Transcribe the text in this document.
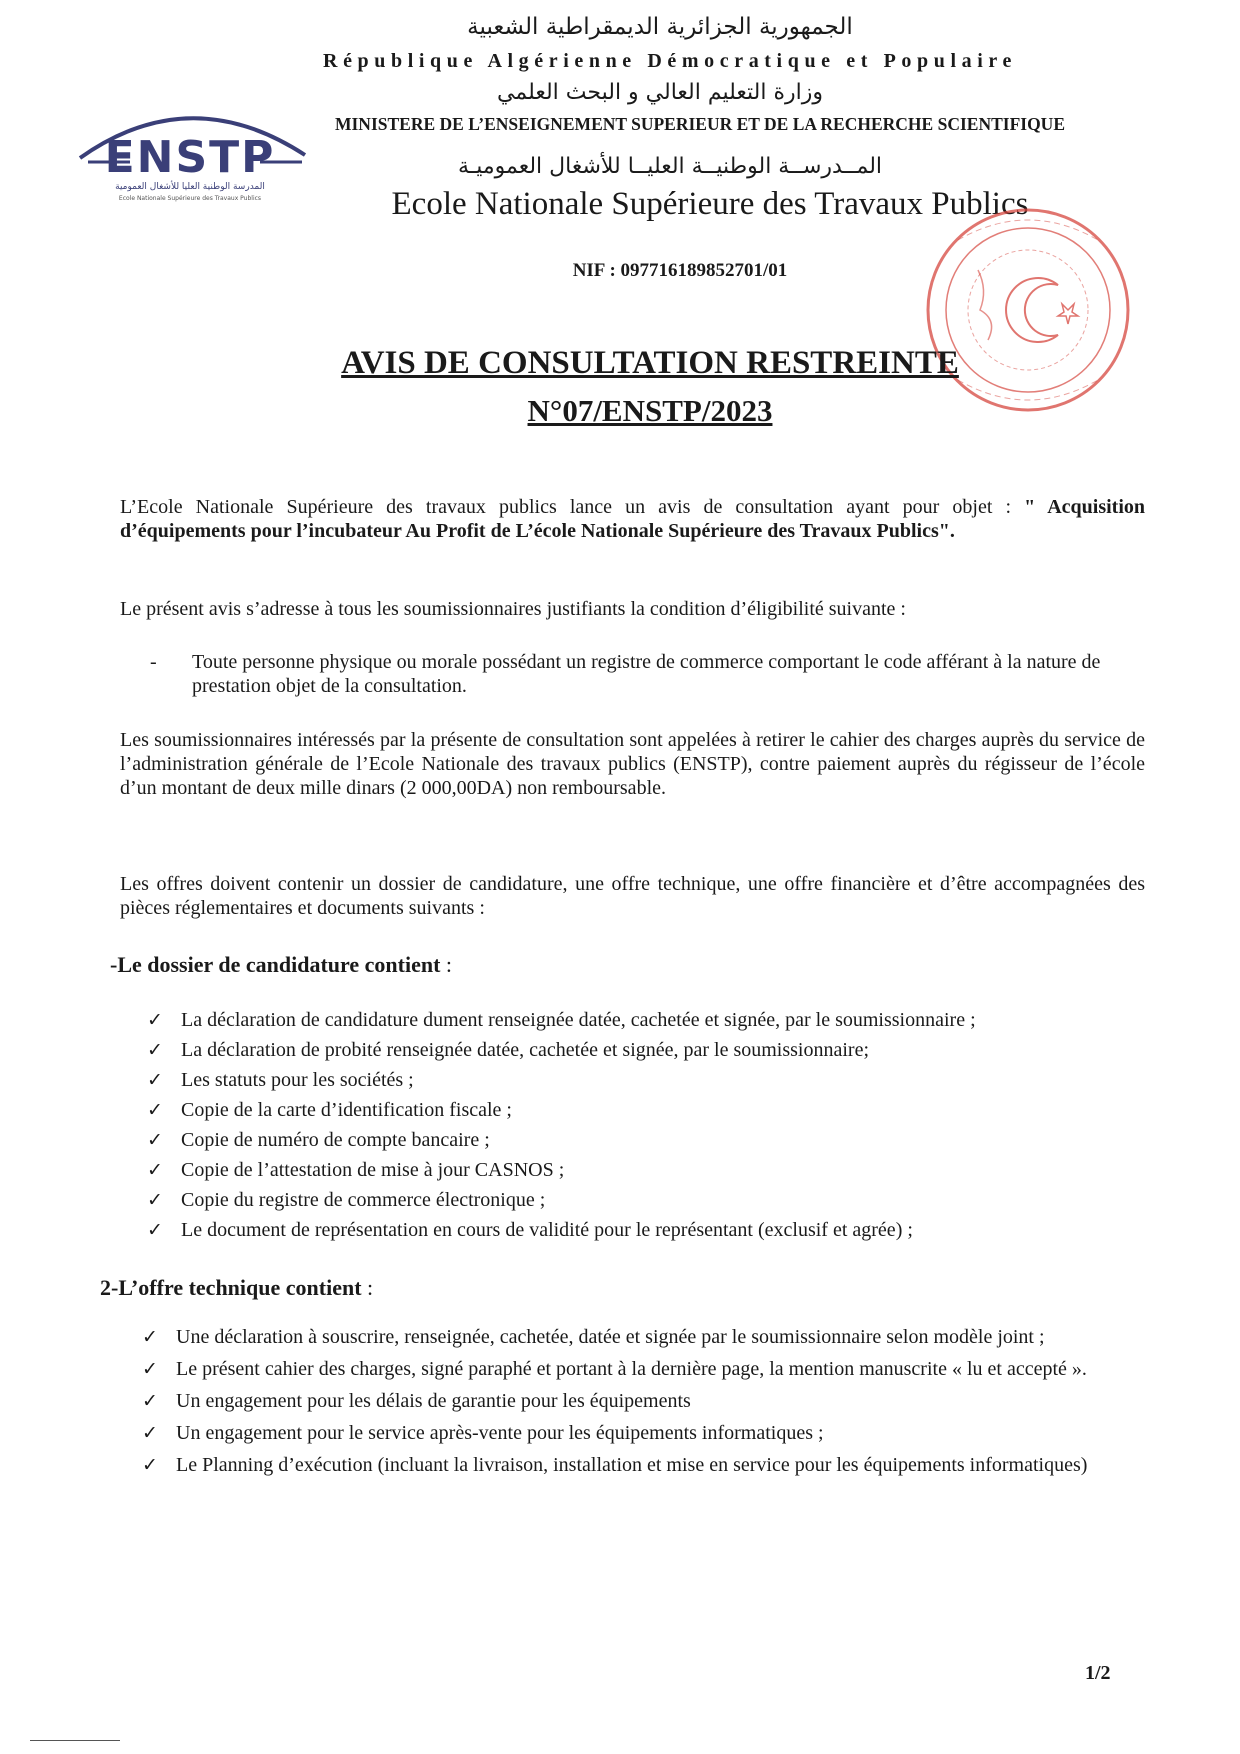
الجمهورية الجزائرية الديمقراطية الشعبية
République Algérienne Démocratique et Populaire
وزارة التعليم العالي و البحث العلمي
MINISTERE DE L’ENSEIGNEMENT SUPERIEUR ET DE LA RECHERCHE SCIENTIFIQUE
المــدرســة الوطنيــة العليــا للأشغال العموميـة
Ecole Nationale Supérieure des Travaux Publics
NIF : 097716189852701/01
ENSTP
المدرسة الوطنية العليا للأشغال العمومية
Ecole Nationale Supérieure des Travaux Publics
AVIS DE CONSULTATION RESTREINTE
N°07/ENSTP/2023
L’Ecole Nationale Supérieure des travaux publics lance un avis de consultation ayant pour objet : " Acquisition d’équipements pour l’incubateur Au Profit de L’école Nationale Supérieure des Travaux Publics".
Le présent avis s’adresse à tous les soumissionnaires justifiants la condition d’éligibilité suivante :
- Toute personne physique ou morale possédant un registre de commerce comportant le code afférant à la nature de prestation objet de la consultation.
Les soumissionnaires intéressés par la présente de consultation sont appelées à retirer le cahier des charges auprès du service de l’administration générale de l’Ecole Nationale des travaux publics (ENSTP), contre paiement auprès du régisseur de l’école d’un montant de deux mille dinars (2 000,00DA) non remboursable.
Les offres doivent contenir un dossier de candidature, une offre technique, une offre financière et d’être accompagnées des pièces réglementaires et documents suivants :
-Le dossier de candidature contient :
✓ La déclaration de candidature dument renseignée datée, cachetée et signée, par le soumissionnaire ;
✓ La déclaration de probité renseignée datée, cachetée et signée, par le soumissionnaire;
✓ Les statuts pour les sociétés ;
✓ Copie de la carte d’identification fiscale ;
✓ Copie de numéro de compte bancaire ;
✓ Copie de l’attestation de mise à jour CASNOS ;
✓ Copie du registre de commerce électronique ;
✓ Le document de représentation en cours de validité pour le représentant (exclusif et agrée) ;
2-L’offre technique contient :
✓ Une déclaration à souscrire, renseignée, cachetée, datée et signée par le soumissionnaire selon modèle joint ;
✓ Le présent cahier des charges, signé paraphé et portant à la dernière page, la mention manuscrite « lu et accepté ».
✓ Un engagement pour les délais de garantie pour les équipements
✓ Un engagement pour le service après-vente pour les équipements informatiques ;
✓ Le Planning d’exécution (incluant la livraison, installation et mise en service pour les équipements informatiques)
1/2
